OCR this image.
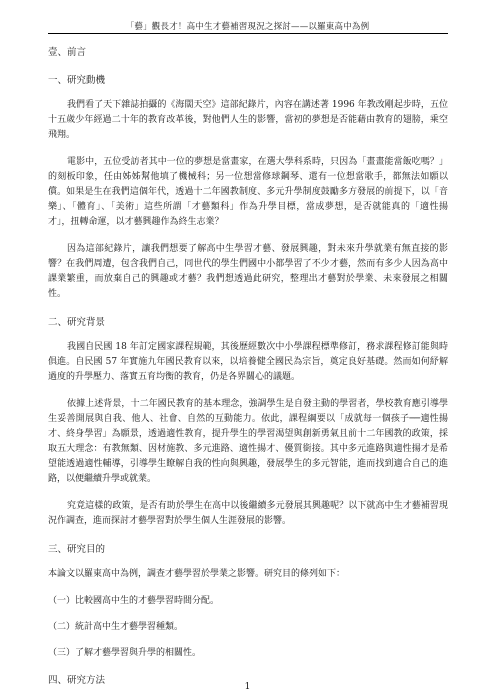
「藝」觀長才！高中生才藝補習現況之探討——以羅東高中為例
壹、前言
一、研究動機

我們看了天下雜誌拍攝的《海闊天空》這部紀錄片，內容在講述著 1996 年教改剛起步時，五位十五歲少年經過二十年的教育改革後，對他們人生的影響，當初的夢想是否能藉由教育的翅膀，乘空飛翔。

電影中，五位受訪者其中一位的夢想是當畫家，在選大學科系時，只因為「畫畫能當飯吃嗎？」的刻板印象，任由姊姊幫他填了機械科；另一位想當修球鋼琴、還有一位想當歌手，都無法如願以償。如果是生在我們這個年代，透過十二年國教制度、多元升學制度鼓勵多方發展的前提下，以「音樂」、「體育」、「美術」這些所謂「才藝類科」作為升學目標，當成夢想，是否就能真的「適性揚才」，扭轉命運，以才藝興趣作為終生志業？

因為這部紀錄片，讓我們想要了解高中生學習才藝、發展興趣，對未來升學就業有無直接的影響？在我們周遭，包含我們自己，同世代的學生們國中小都學習了不少才藝，然而有多少人因為高中課業繁重，而放棄自己的興趣或才藝？我們想透過此研究，整理出才藝對於學業、未來發展之相關性。

二、研究背景

我國自民國 18 年訂定國家課程規範，其後歷經數次中小學課程標準修訂，務求課程修訂能與時俱進。自民國 57 年實施九年國民教育以來，以培養健全國民為宗旨，奠定良好基礎。然而如何紓解過度的升學壓力、落實五育均衡的教育，仍是各界關心的議題。

依據上述背景，十二年國民教育的基本理念，強調學生是自發主動的學習者，學校教育應引導學生妥善開展與自我、他人、社會、自然的互動能力。依此，課程綱要以「成就每一個孩子──適性揚才、終身學習」為願景，透過適性教育，提升學生的學習渴望與創新勇氣且前十二年國教的政策，採取五大理念：有教無類、因材施教、多元進路、適性揚才、優質銜接。其中多元進路與適性揚才是希望能透過適性輔導，引導學生瞭解自我的性向與興趣，發展學生的多元智能，進而找到適合自己的進路，以便繼續升學或就業。

究竟這樣的政策，是否有助於學生在高中以後繼續多元發展其興趣呢？以下就高中生才藝補習現況作調查，進而探討才藝學習對於學生個人生涯發展的影響。

三、研究目的

本論文以羅東高中為例，調查才藝學習於學業之影響。研究目的條列如下：

（一）比較國高中生的才藝學習時間分配。
（二）統計高中生才藝學習種類。
（三）了解才藝學習與升學的相關性。
四、研究方法
1
